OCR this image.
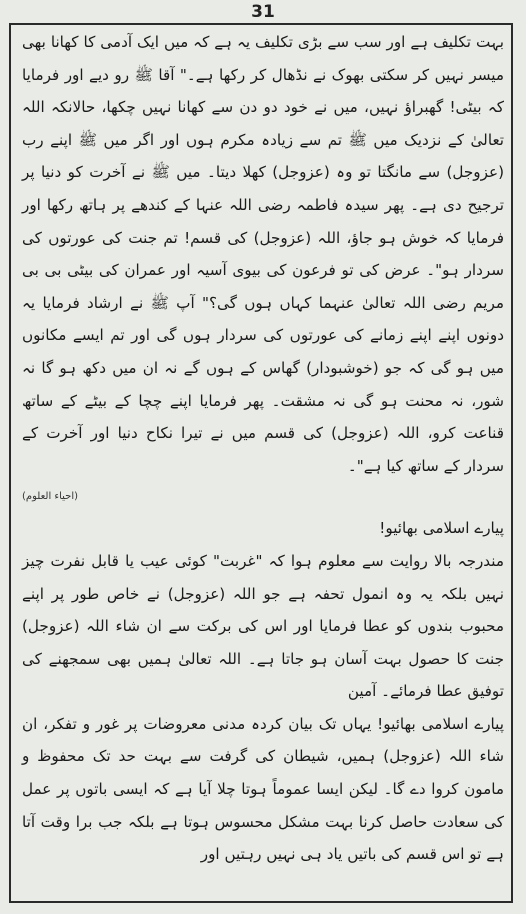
31

بہت تکلیف ہے اور سب سے بڑی تکلیف یہ ہے کہ میں ایک آدمی کا کھانا بھی میسر نہیں کر سکتی بھوک نے نڈھال کر رکھا ہے۔" آقا ﷺ رو دیے اور فرمایا کہ بیٹی! گھبراؤ نہیں، میں نے خود دو دن سے کھانا نہیں چکھا، حالانکہ اللہ تعالیٰ کے نزدیک میں ﷺ تم سے زیادہ مکرم ہوں اور اگر میں ﷺ اپنے رب (عزوجل) سے مانگتا تو وہ (عزوجل) کھلا دیتا۔ میں ﷺ نے آخرت کو دنیا پر ترجیح دی ہے۔ پھر سیدہ فاطمہ رضی اللہ عنہا کے کندھے پر ہاتھ رکھا اور فرمایا کہ خوش ہو جاؤ، اللہ (عزوجل) کی قسم! تم جنت کی عورتوں کی سردار ہو"۔ عرض کی تو فرعون کی بیوی آسیہ اور عمران کی بیٹی بی بی مریم رضی اللہ تعالیٰ عنہما کہاں ہوں گی؟" آپ ﷺ نے ارشاد فرمایا یہ دونوں اپنے اپنے زمانے کی عورتوں کی سردار ہوں گی اور تم ایسے مکانوں میں ہو گی کہ جو (خوشبودار) گھاس کے ہوں گے نہ ان میں دکھ ہو گا نہ شور، نہ محنت ہو گی نہ مشقت۔ پھر فرمایا اپنے چچا کے بیٹے کے ساتھ قناعت کرو، اللہ (عزوجل) کی قسم میں نے تیرا نکاح دنیا اور آخرت کے سردار کے ساتھ کیا ہے"۔

(احیاء العلوم)

پیارے اسلامی بھائیو!

مندرجہ بالا روایت سے معلوم ہوا کہ "غربت" کوئی عیب یا قابل نفرت چیز نہیں بلکہ یہ وہ انمول تحفہ ہے جو اللہ (عزوجل) نے خاص طور پر اپنے محبوب بندوں کو عطا فرمایا اور اس کی برکت سے ان شاء اللہ (عزوجل) جنت کا حصول بہت آسان ہو جاتا ہے۔ اللہ تعالیٰ ہمیں بھی سمجھنے کی توفیق عطا فرمائے۔ آمین

پیارے اسلامی بھائیو! یہاں تک بیان کردہ مدنی معروضات پر غور و تفکر، ان شاء اللہ (عزوجل) ہمیں، شیطان کی گرفت سے بہت حد تک محفوظ و مامون کروا دے گا۔ لیکن ایسا عموماً ہوتا چلا آیا ہے کہ ایسی باتوں پر عمل کی سعادت حاصل کرنا بہت مشکل محسوس ہوتا ہے بلکہ جب برا وقت آتا ہے تو اس قسم کی باتیں یاد ہی نہیں رہتیں اور
